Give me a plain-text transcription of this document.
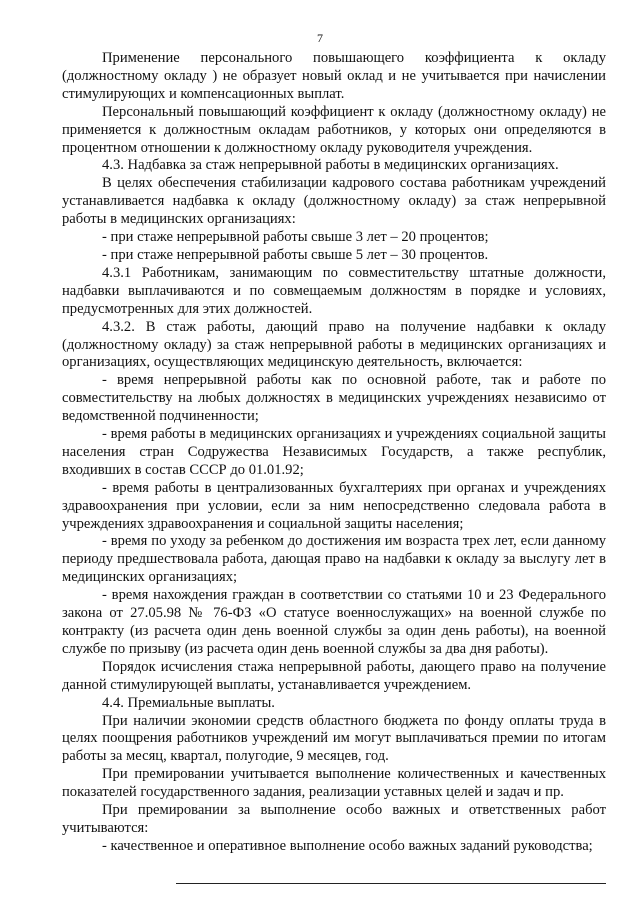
7

Применение персонального повышающего коэффициента к окладу (должностному окладу ) не образует новый оклад и не учитывается при начислении стимулирующих и компенсационных выплат.

Персональный повышающий коэффициент к окладу (должностному окладу) не применяется к должностным окладам работников, у которых они определяются в процентном отношении к должностному окладу руководителя учреждения.

4.3. Надбавка за стаж непрерывной работы в медицинских организациях.

В целях обеспечения стабилизации кадрового состава работникам учреждений устанавливается надбавка к окладу (должностному окладу) за стаж непрерывной работы в медицинских организациях:

- при стаже непрерывной работы свыше 3 лет – 20 процентов;

- при стаже непрерывной работы свыше 5 лет – 30 процентов.

4.3.1 Работникам, занимающим по совместительству штатные должности, надбавки выплачиваются и по совмещаемым должностям в порядке и условиях, предусмотренных для этих должностей.

4.3.2. В стаж работы, дающий право на получение надбавки к окладу (должностному окладу) за стаж непрерывной работы в медицинских организациях и организациях, осуществляющих медицинскую деятельность, включается:

- время непрерывной работы как по основной работе, так и работе по совместительству на любых должностях в медицинских учреждениях независимо от ведомственной подчиненности;

- время работы в медицинских организациях и учреждениях социальной защиты населения стран Содружества Независимых Государств, а также республик, входивших в состав СССР до 01.01.92;

- время работы в централизованных бухгалтериях при органах и учреждениях здравоохранения при условии, если за ним непосредственно следовала работа в учреждениях здравоохранения и социальной защиты населения;

- время по уходу за ребенком до достижения им возраста трех лет, если данному периоду предшествовала работа, дающая право на надбавки к окладу за выслугу лет в медицинских организациях;

- время нахождения граждан в соответствии со статьями 10 и 23 Федерального закона от 27.05.98 № 76-ФЗ «О статусе военнослужащих» на военной службе по контракту (из расчета один день военной службы за один день работы), на военной службе по призыву (из расчета один день военной службы за два дня работы).

Порядок исчисления стажа непрерывной работы, дающего право на получение данной стимулирующей выплаты, устанавливается учреждением.

4.4. Премиальные выплаты.

При наличии экономии средств областного бюджета по фонду оплаты труда в целях поощрения работников учреждений им могут выплачиваться премии по итогам работы за месяц, квартал, полугодие, 9 месяцев, год.

При премировании учитывается выполнение количественных и качественных показателей государственного задания, реализации уставных целей и задач и пр.

При премировании за выполнение особо важных и ответственных работ учитываются:

- качественное и оперативное выполнение особо важных заданий руководства;
